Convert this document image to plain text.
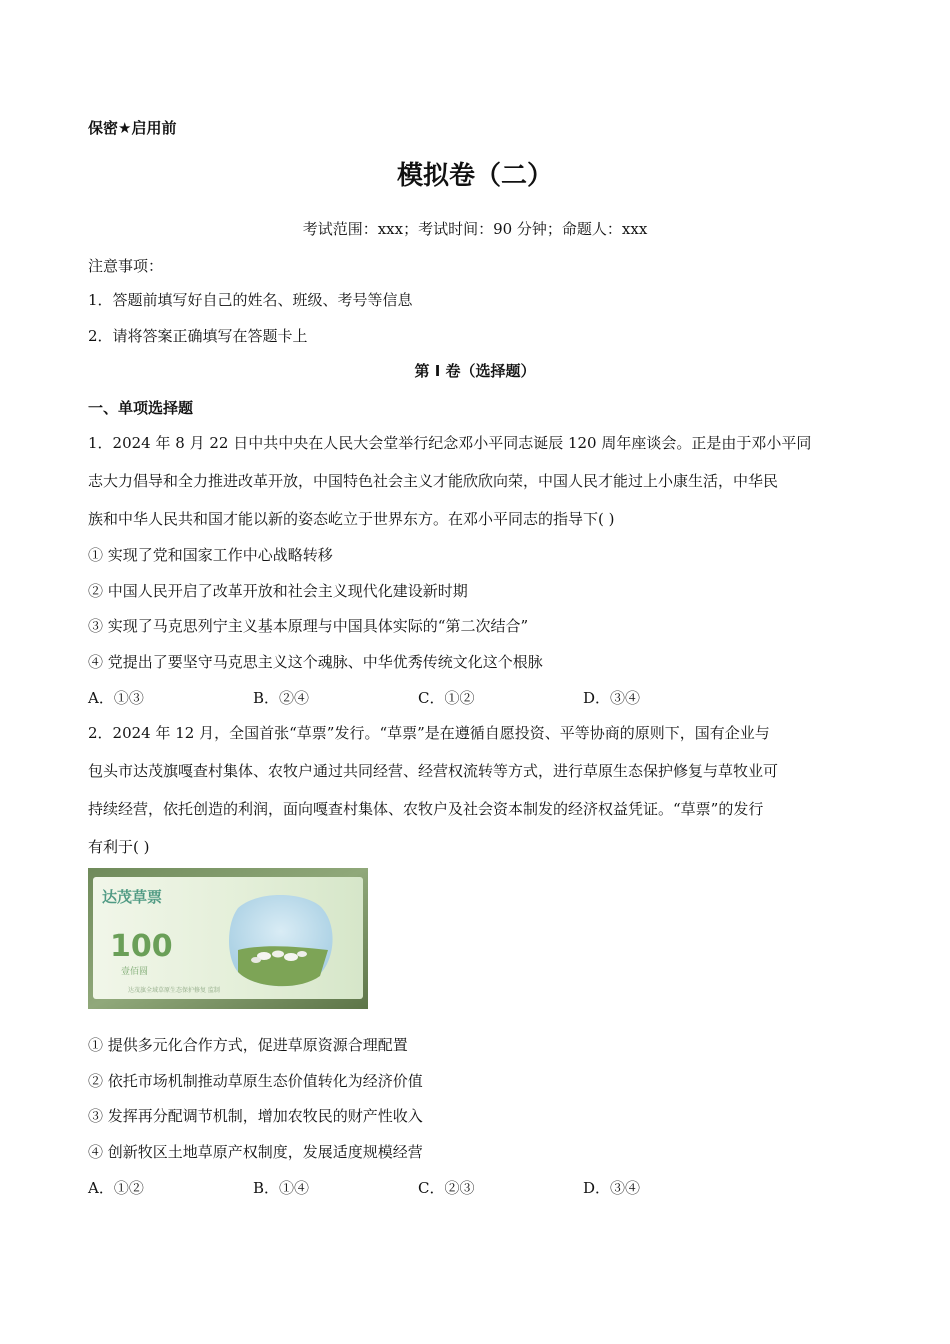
保密★启用前
模拟卷（二）
考试范围：xxx；考试时间：90 分钟；命题人：xxx
注意事项：
1．答题前填写好自己的姓名、班级、考号等信息
2．请将答案正确填写在答题卡上
第 I 卷（选择题）
一、单项选择题
1．2024 年 8 月 22 日中共中央在人民大会堂举行纪念邓小平同志诞辰 120 周年座谈会。正是由于邓小平同
志大力倡导和全力推进改革开放，中国特色社会主义才能欣欣向荣，中国人民才能过上小康生活，中华民
族和中华人民共和国才能以新的姿态屹立于世界东方。在邓小平同志的指导下( )
① 实现了党和国家工作中心战略转移
② 中国人民开启了改革开放和社会主义现代化建设新时期
③ 实现了马克思列宁主义基本原理与中国具体实际的“第二次结合”
④ 党提出了要坚守马克思主义这个魂脉、中华优秀传统文化这个根脉
A．①③	B．②④	C．①②	D．③④
2．2024 年 12 月，全国首张“草票”发行。“草票”是在遵循自愿投资、平等协商的原则下，国有企业与
包头市达茂旗嘎查村集体、农牧户通过共同经营、经营权流转等方式，进行草原生态保护修复与草牧业可
持续经营，依托创造的利润，面向嘎查村集体、农牧户及社会资本制发的经济权益凭证。“草票”的发行
有利于( )
达茂草票
100
壹佰圆
达茂旗全域草原生态保护修复 监制
① 提供多元化合作方式，促进草原资源合理配置
② 依托市场机制推动草原生态价值转化为经济价值
③ 发挥再分配调节机制，增加农牧民的财产性收入
④ 创新牧区土地草原产权制度，发展适度规模经营
A．①②	B．①④	C．②③	D．③④
